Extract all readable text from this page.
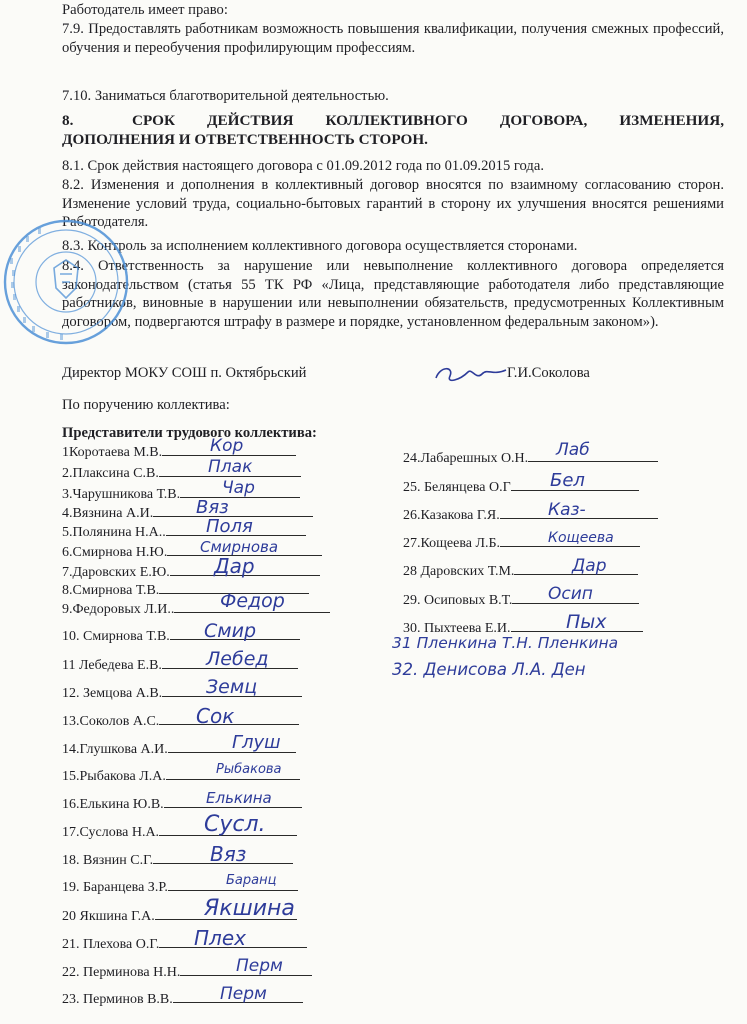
Работодатель имеет право:
7.9. Предоставлять работникам возможность повышения квалификации, получения смежных профессий, обучения и переобучения профилирующим профессиям.
7.10. Заниматься благотворительной деятельностью.
8.	СРОК ДЕЙСТВИЯ КОЛЛЕКТИВНОГО ДОГОВОРА, ИЗМЕНЕНИЯ, ДОПОЛНЕНИЯ И ОТВЕТСТВЕННОСТЬ СТОРОН.
8.1. Срок действия настоящего договора с 01.09.2012 года по 01.09.2015 года.
8.2. Изменения и дополнения в коллективный договор вносятся по взаимному согласованию сторон. Изменение условий труда, социально-бытовых гарантий в сторону их улучшения вносятся решениями Работодателя.
8.3. Контроль за исполнением коллективного договора осуществляется сторонами.
8.4. Ответственность за нарушение или невыполнение коллективного договора определяется законодательством (статья 55 ТК РФ «Лица, представляющие работодателя либо представляющие работников, виновные в нарушении или невыполнении обязательств, предусмотренных Коллективным договором, подвергаются штрафу в размере и порядке, установленном федеральным законом»).
Директор МОКУ СОШ п. Октябрьский	Г.И.Соколова
По поручению коллектива:
Представители трудового коллектива:
1Коротаева М.В.
2.Плаксина С.В.
3.Чарушникова Т.В.
4.Вязнина А.И.
5.Полянина Н.А..
6.Смирнова Н.Ю.
7.Даровских Е.Ю.
8.Смирнова Т.В.
9.Федоровых Л.И..
10. Смирнова Т.В.
11 Лебедева Е.В.
12. Земцова А.В.
13.Соколов А.С.
14.Глушкова А.И.
15.Рыбакова Л.А.
16.Елькина Ю.В.
17.Суслова Н.А.
18. Вязнин С.Г.
19. Баранцева З.Р.
20 Якшина Г.А.
21. Плехова О.Г.
22. Перминова Н.Н.
23. Перминов В.В.
Кор
Плак
Чар
Вяз
Поля
Смирнова
Дар
Федор
Смир
Лебед
Земц
Сок
Глуш
Рыбакова
Елькина
Сусл.
Вяз
Баранц
Якшина
Плех
Перм
Перм
24.Лабарешных О.Н.
25. Белянцева О.Г
26.Казакова Г.Я.
27.Кощеева Л.Б.
28 Даровских Т.М.
29. Осиповых В.Т.
30. Пыхтеева Е.И.
Лаб
Бел
Каз-
Кощеева
Дар
Осип
Пых
31 Пленкина Т.Н. Пленкина
32. Денисова Л.А. Ден
